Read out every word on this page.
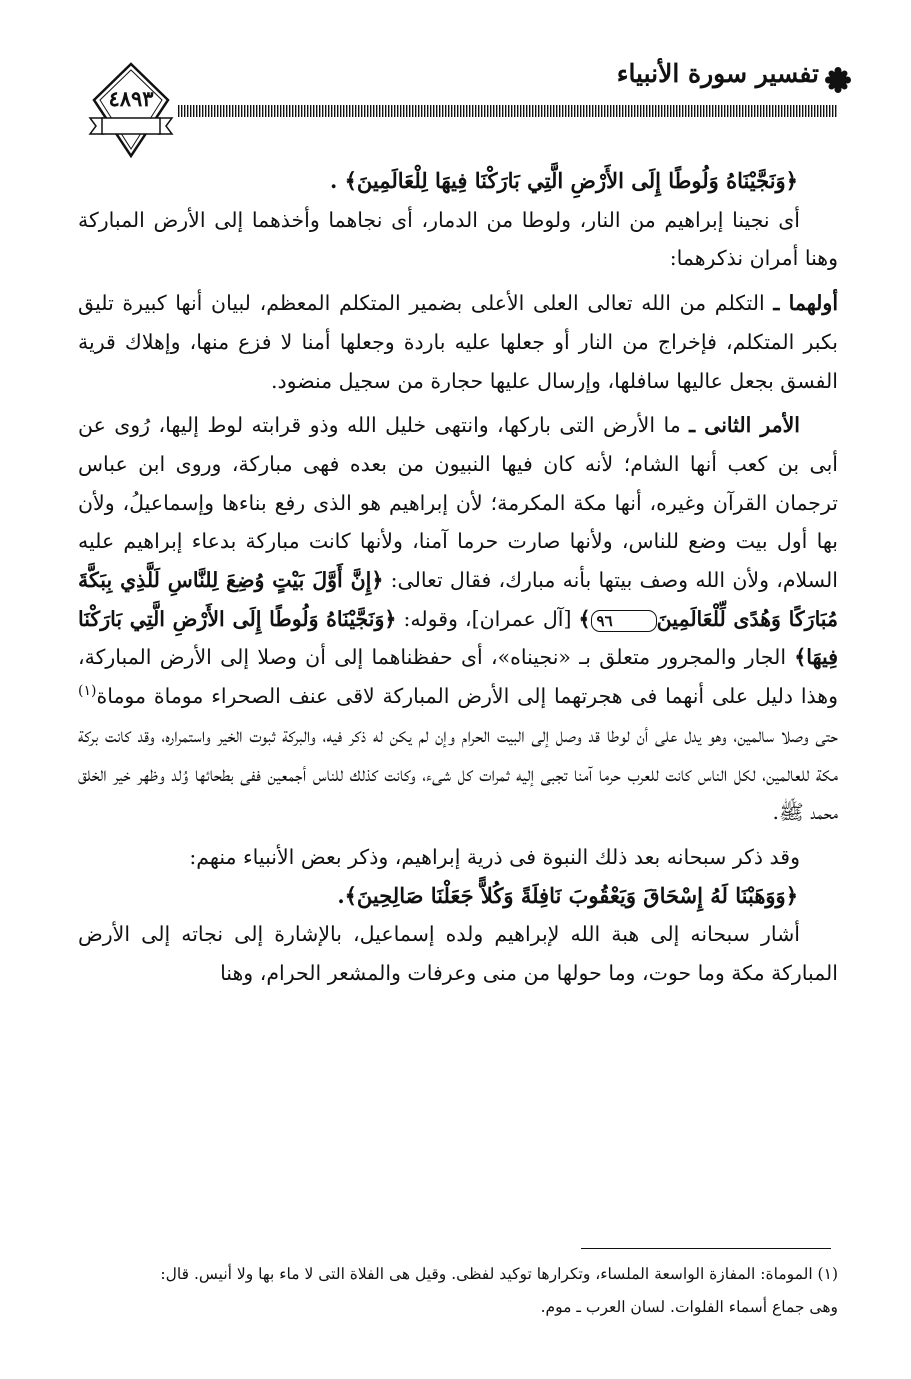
٤٨٩٣
تفسير سورة الأنبياء

﴿وَنَجَّيْنَاهُ وَلُوطًا إِلَى الأَرْضِ الَّتِي بَارَكْنَا فِيهَا لِلْعَالَمِينَ﴾ .

أى نجينا إبراهيم من النار، ولوطا من الدمار، أى نجاهما وأخذهما إلى الأرض المباركة وهنا أمران نذكرهما:

أولهما ـ التكلم من الله تعالى العلى الأعلى بضمير المتكلم المعظم، لبيان أنها كبيرة تليق بكبر المتكلم، فإخراج من النار أو جعلها عليه باردة وجعلها أمنا لا فزع منها، وإهلاك قرية الفسق بجعل عاليها سافلها، وإرسال عليها حجارة من سجيل منضود.

الأمر الثانى ـ ما الأرض التى باركها، وانتهى خليل الله وذو قرابته لوط إليها، رُوى عن أبى بن كعب أنها الشام؛ لأنه كان فيها النبيون من بعده فهى مباركة، وروى ابن عباس ترجمان القرآن وغيره، أنها مكة المكرمة؛ لأن إبراهيم هو الذى رفع بناءها وإسماعيلُ، ولأن بها أول بيت وضع للناس، ولأنها صارت حرما آمنا، ولأنها كانت مباركة بدعاء إبراهيم عليه السلام، ولأن الله وصف بيتها بأنه مبارك، فقال تعالى: ﴿إِنَّ أَوَّلَ بَيْتٍ وُضِعَ لِلنَّاسِ لَلَّذِي بِبَكَّةَ مُبَارَكًا وَهُدًى لِّلْعَالَمِينَ٩٦﴾ [آل عمران]، وقوله: ﴿وَنَجَّيْنَاهُ وَلُوطًا إِلَى الأَرْضِ الَّتِي بَارَكْنَا فِيهَا﴾ الجار والمجرور متعلق بـ «نجيناه»، أى حفظناهما إلى أن وصلا إلى الأرض المباركة، وهذا دليل على أنهما فى هجرتهما إلى الأرض المباركة لاقى عنف الصحراء موماة موماة$^{(١)}$ حتى وصلا سالمين، وهو يدل على أن لوطا قد وصل إلى البيت الحرام وإن لم يكن له ذكر فيه، والبركة ثبوت الخير واستمراره، وقد كانت بركة مكة للعالمين، لكل الناس كانت للعرب حرما آمنا تجبى إليه ثمرات كل شىء، وكانت كذلك للناس أجمعين ففى بطحائها وُلد وظهر خير الخلق محمد ﷺ.

وقد ذكر سبحانه بعد ذلك النبوة فى ذرية إبراهيم، وذكر بعض الأنبياء منهم:

﴿وَوَهَبْنَا لَهُ إِسْحَاقَ وَيَعْقُوبَ نَافِلَةً وَكُلاًّ جَعَلْنَا صَالِحِينَ﴾.

أشار سبحانه إلى هبة الله لإبراهيم ولده إسماعيل، بالإشارة إلى نجاته إلى الأرض المباركة مكة وما حوت، وما حولها من منى وعرفات والمشعر الحرام، وهنا

(١) الموماة: المفازة الواسعة الملساء، وتكرارها توكيد لفظى. وقيل هى الفلاة التى لا ماء بها ولا أنيس. قال:

وهى جماع أسماء الفلوات. لسان العرب ـ موم.
